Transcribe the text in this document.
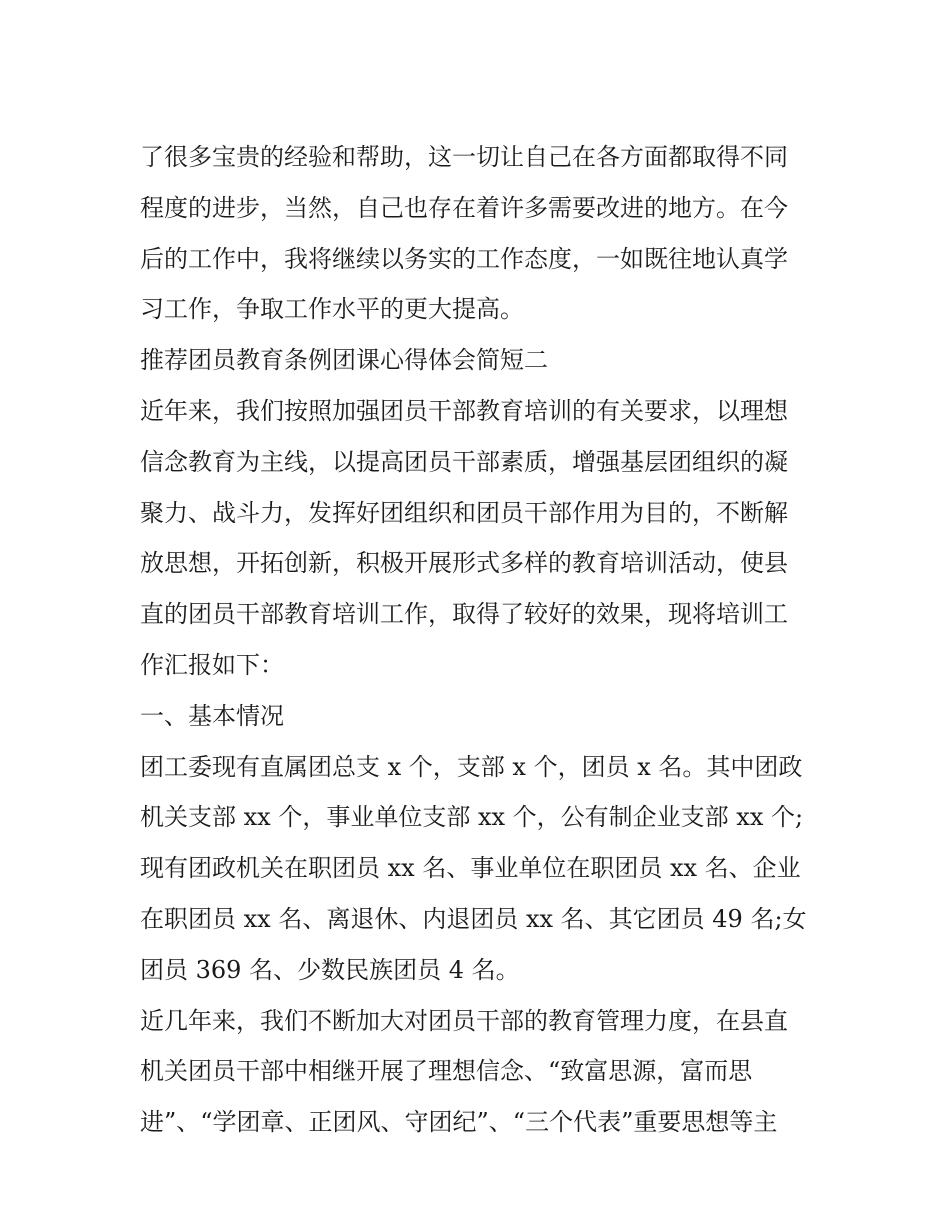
了很多宝贵的经验和帮助，这一切让自己在各方面都取得不同
程度的进步，当然，自己也存在着许多需要改进的地方。在今
后的工作中，我将继续以务实的工作态度，一如既往地认真学
习工作，争取工作水平的更大提高。
推荐团员教育条例团课心得体会简短二
近年来，我们按照加强团员干部教育培训的有关要求，以理想
信念教育为主线，以提高团员干部素质，增强基层团组织的凝
聚力、战斗力，发挥好团组织和团员干部作用为目的，不断解
放思想，开拓创新，积极开展形式多样的教育培训活动，使县
直的团员干部教育培训工作，取得了较好的效果，现将培训工
作汇报如下：
一、基本情况
团工委现有直属团总支 x 个，支部 x 个，团员 x 名。其中团政
机关支部 xx 个，事业单位支部 xx 个，公有制企业支部 xx 个;
现有团政机关在职团员 xx 名、事业单位在职团员 xx 名、企业
在职团员 xx 名、离退休、内退团员 xx 名、其它团员 49 名;女
团员 369 名、少数民族团员 4 名。
近几年来，我们不断加大对团员干部的教育管理力度，在县直
机关团员干部中相继开展了理想信念、“致富思源，富而思
进”、“学团章、正团风、守团纪”、“三个代表”重要思想等主
